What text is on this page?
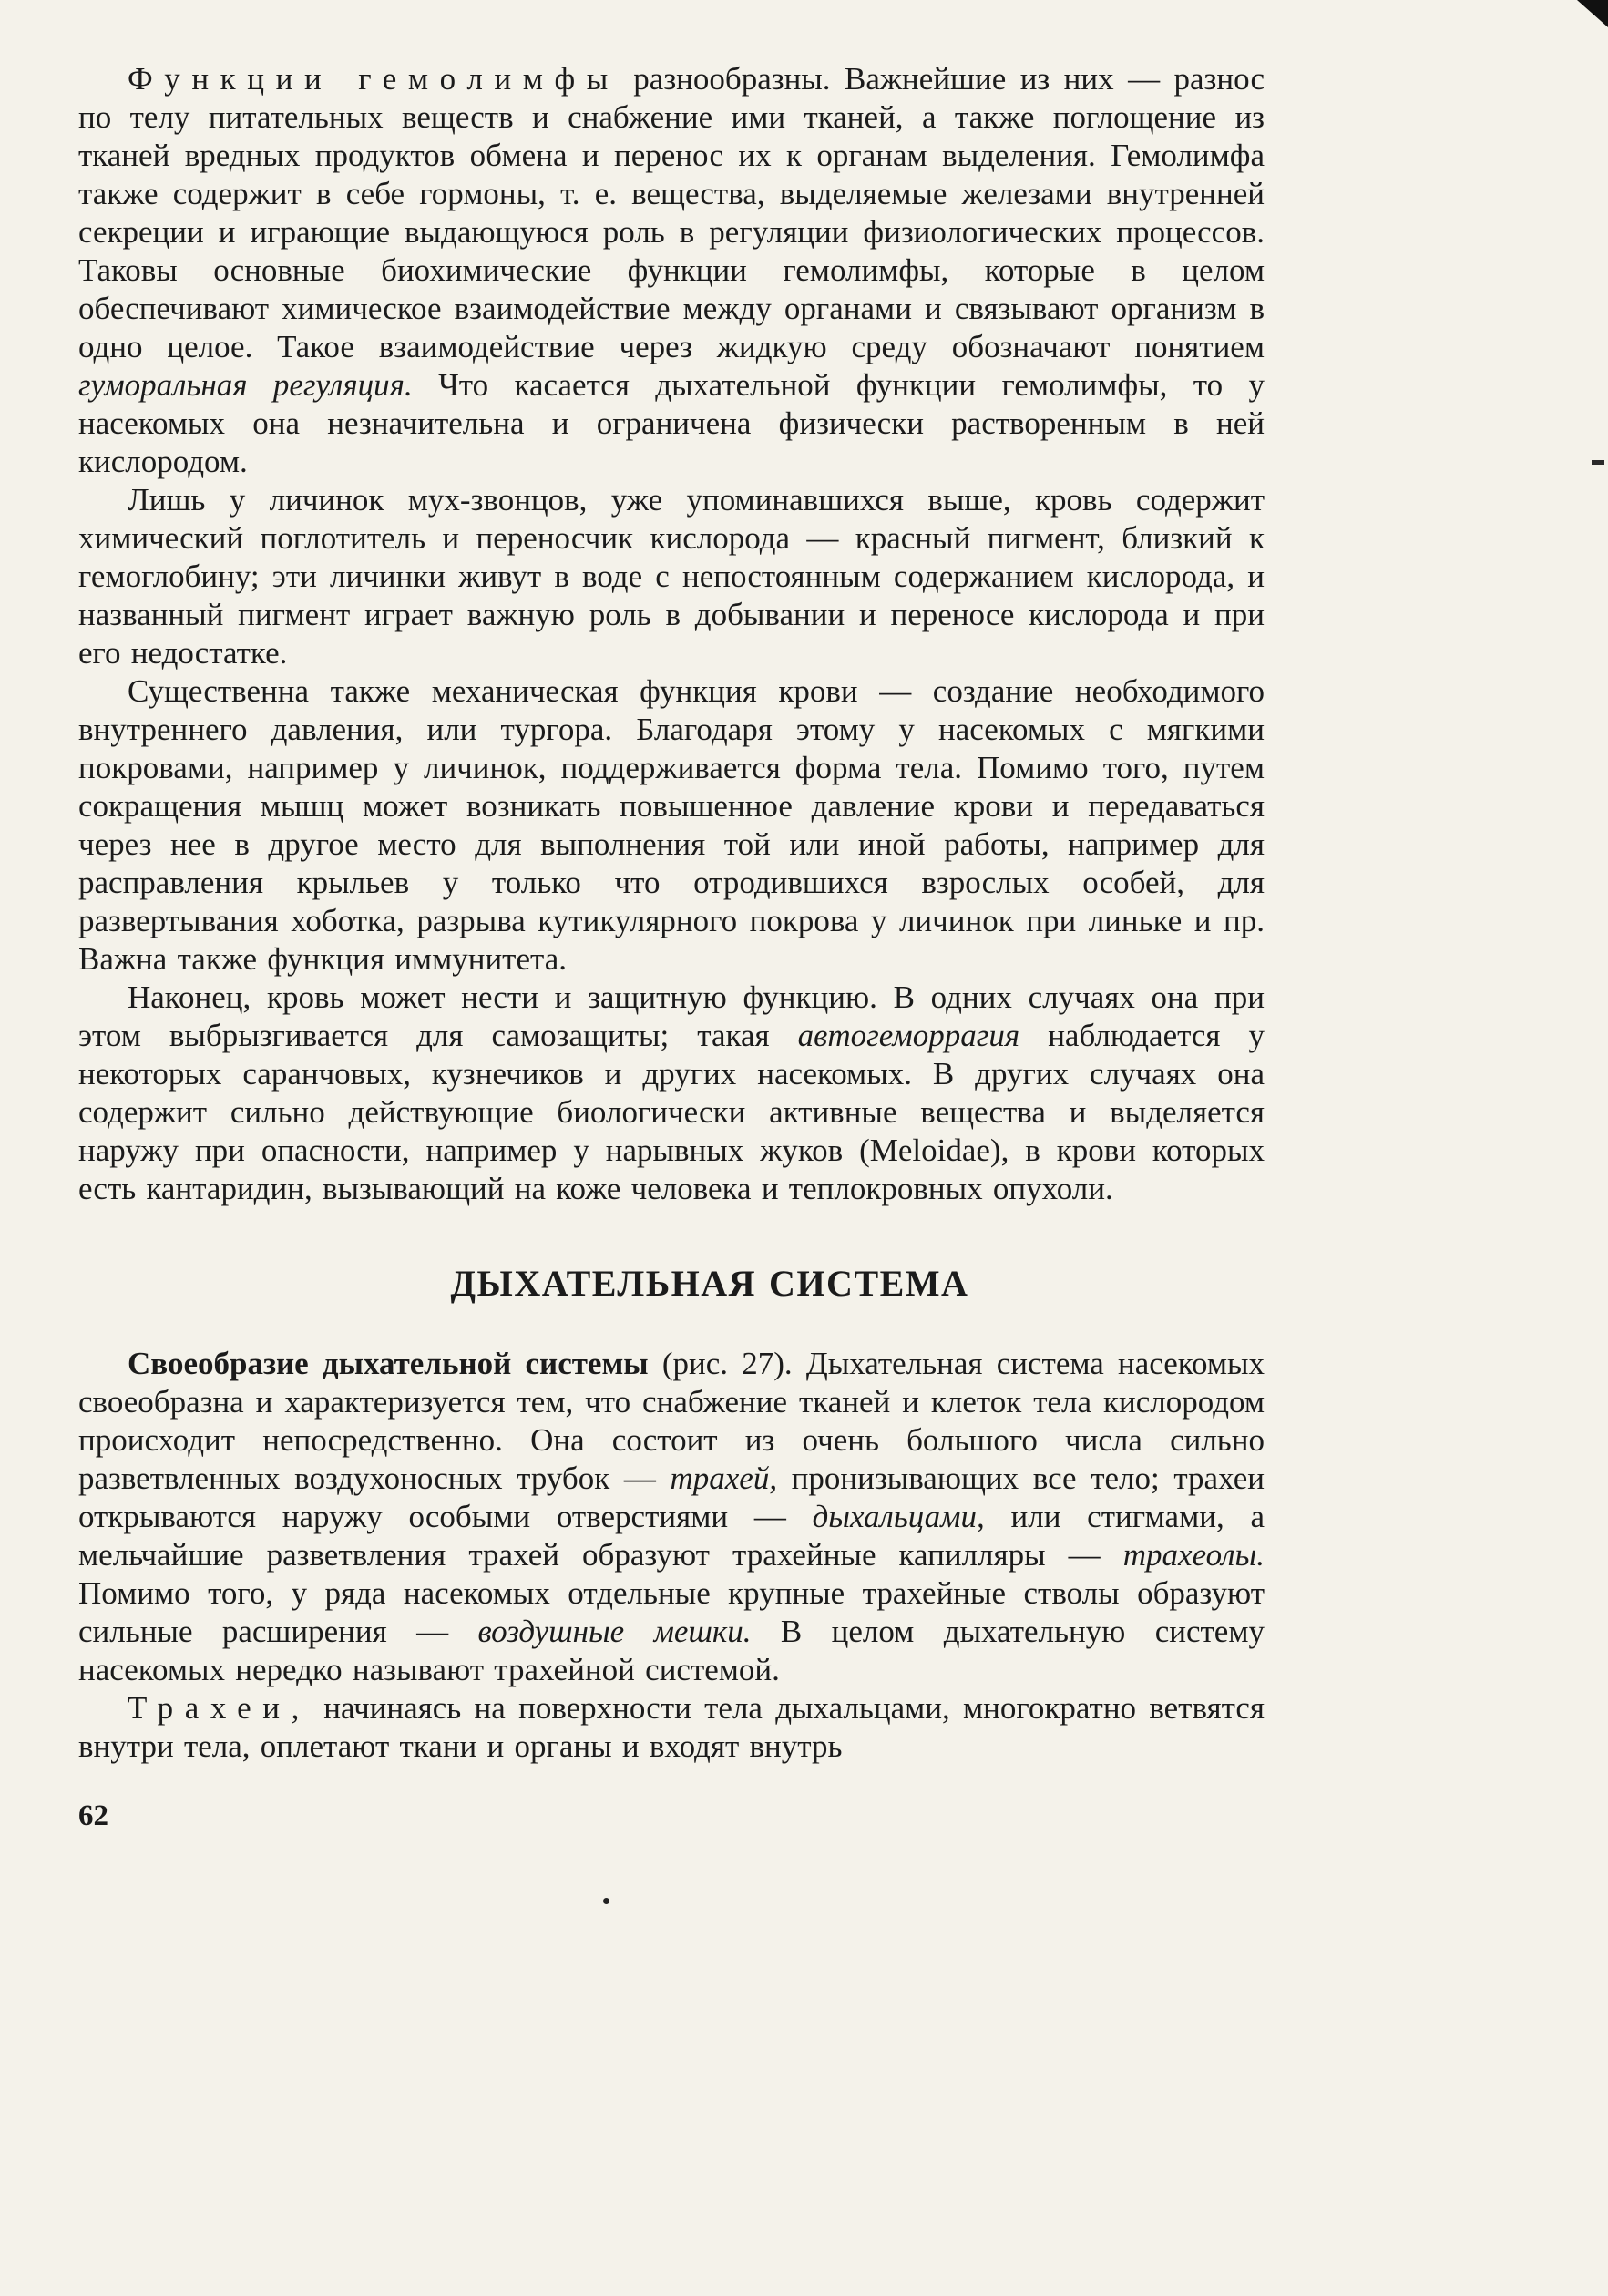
Функции гемолимфы разнообразны. Важнейшие из них — разнос по телу питательных веществ и снабжение ими тканей, а также поглощение из тканей вредных продуктов обмена и перенос их к органам выделения. Гемолимфа также содержит в себе гормоны, т. е. вещества, выделяемые железами внутренней секреции и играющие выдающуюся роль в регуляции физиологических процессов. Таковы основные биохимические функции гемолимфы, которые в целом обеспечивают химическое взаимодействие между органами и связывают организм в одно целое. Такое взаимодействие через жидкую среду обозначают понятием гуморальная регуляция. Что касается дыхательной функции гемолимфы, то у насекомых она незначительна и ограничена физически растворенным в ней кислородом.

Лишь у личинок мух-звонцов, уже упоминавшихся выше, кровь содержит химический поглотитель и переносчик кислорода — красный пигмент, близкий к гемоглобину; эти личинки живут в воде с непостоянным содержанием кислорода, и названный пигмент играет важную роль в добывании и переносе кислорода и при его недостатке.

Существенна также механическая функция крови — создание необходимого внутреннего давления, или тургора. Благодаря этому у насекомых с мягкими покровами, например у личинок, поддерживается форма тела. Помимо того, путем сокращения мышц может возникать повышенное давление крови и передаваться через нее в другое место для выполнения той или иной работы, например для расправления крыльев у только что отродившихся взрослых особей, для развертывания хоботка, разрыва кутикулярного покрова у личинок при линьке и пр. Важна также функция иммунитета.

Наконец, кровь может нести и защитную функцию. В одних случаях она при этом выбрызгивается для самозащиты; такая автогеморрагия наблюдается у некоторых саранчовых, кузнечиков и других насекомых. В других случаях она содержит сильно действующие биологически активные вещества и выделяется наружу при опасности, например у нарывных жуков (Meloidae), в крови которых есть кантаридин, вызывающий на коже человека и теплокровных опухоли.

ДЫХАТЕЛЬНАЯ СИСТЕМА

Своеобразие дыхательной системы (рис. 27). Дыхательная система насекомых своеобразна и характеризуется тем, что снабжение тканей и клеток тела кислородом происходит непосредственно. Она состоит из очень большого числа сильно разветвленных воздухоносных трубок — трахей, пронизывающих все тело; трахеи открываются наружу особыми отверстиями — дыхальцами, или стигмами, а мельчайшие разветвления трахей образуют трахейные капилляры — трахеолы. Помимо того, у ряда насекомых отдельные крупные трахейные стволы образуют сильные расширения — воздушные мешки. В целом дыхательную систему насекомых нередко называют трахейной системой.

Трахеи, начинаясь на поверхности тела дыхальцами, многократно ветвятся внутри тела, оплетают ткани и органы и входят внутрь

62
